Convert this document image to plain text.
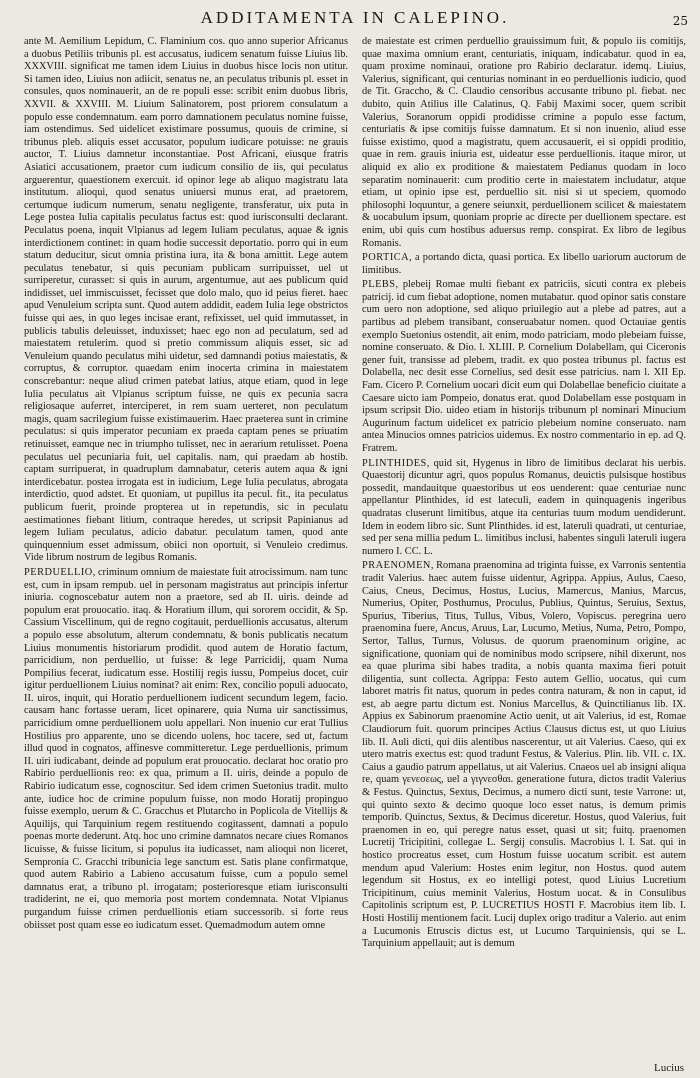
ADDITAMENTA IN CALEPINO.	25

ante M. Aemilium Lepidum, C. Flaminium cos. quo anno superior Africanus a duobus Petiliis tribunis pl. est accusatus, iudicem senatum fuisse Liuius lib. XXXVIII. significat me tamen idem Liuius in duobus hisce locis non utitur. Si tamen ideo, Liuius non adiicit, senatus ne, an peculatus tribunis pl. esset in consules, quos nominauerit, an de re populi esse: scribit enim duobus libris, XXVII. & XXVIII. M. Liuium Salinatorem, post priorem consulatum a populo esse condemnatum. eam porro damnationem peculatus nomine fuisse, iam ostendimus. Sed uidelicet existimare possumus, quouis de crimine, si tribunus pleb. aliquis esset accusator, populum iudicare potuisse: ne grauis auctor, T. Liuius damnetur inconstantiae. Post Africani, eiusque fratris Asiatici accusationem, praetor cum iudicum consilio de iis, qui peculatus arguerentur, quaestionem exercuit. id opinor lege ab aliquo magistratu lata institutum. alioqui, quod senatus uniuersi munus erat, ad praetorem, certumque iudicum numerum, senatu negligente, transferatur, uix puta in Lege postea Iulia capitalis peculatus factus est: quod iurisconsulti declarant. Peculatus poena, inquit Vlpianus ad legem Iuliam peculatus, aquae & ignis interdictionem continet: in quam hodie successit deportatio. porro qui in eum statum deducitur, sicut omnia pristina iura, ita & bona amittit. Lege autem peculatus tenebatur, si quis pecuniam publicam surripuisset, uel ut surriperetur, curasset: si quis in aurum, argentumue, aut aes publicum quid indidisset, uel immiscuisset, fecisset que dolo malo, quo id peius fieret. haec apud Venuleium scripta sunt. Quod autem addidit, eadem Iulia lege obstrictos fuisse qui aes, in quo leges incisae erant, refixisset, uel quid immutasset, in publicis tabulis deleuisset, induxisset; haec ego non ad peculatum, sed ad maiestatem retulerim. quod si pretio commissum aliquis esset, sic ad Venuleium quando peculatus mihi uidetur, sed damnandi potius maiestatis, & corruptus, & corruptor. quaedam enim inocerta crimina in maiestatem conscrebantur: neque aliud crimen patebat latius, atque etiam, quod in lege Iulia peculatus ait Vlpianus scriptum fuisse, ne quis ex pecunia sacra religiosaque auferret, interciperet, in rem suam uerteret, non peculatum magis, quam sacrilegium fuisse existimauerim. Haec praeterea sunt in crimine peculatus: si quis imperator pecuniam ex praeda captam penes se priuatim retinuisset, eamque nec in triumpho tulisset, nec in aerarium retulisset. Poena peculatus uel pecuniaria fuit, uel capitalis. nam, qui praedam ab hostib. captam surripuerat, in quadruplum damnabatur, ceteris autem aqua & igni interdicebatur. postea irrogata est in iudicium, Lege Iulia peculatus, abrogata interdictio, quod adstet. Et quoniam, ut pupillus ita pecul. fit., ita peculatus publicum fuerit, proinde propterea ut in repetundis, sic in peculatu aestimationes fiebant litium, contraque heredes, ut scripsit Papinianus ad legem Iuliam peculatus, adicio dabatur. peculatum tamen, quod ante quinquennium esset admissum, obiici non oportuit, si Venuleio credimus. Vide librum nostrum de legibus Romanis.

PERDUELLIO, criminum omnium de maiestate fuit atrocissimum. nam tunc est, cum in ipsam rempub. uel in personam magistratus aut principis infertur iniuria. cognoscebatur autem non a praetore, sed ab II. uiris. deinde ad populum erat prouocatio. itaq. & Horatium illum, qui sororem occidit, & Sp. Cassium Viscellinum, qui de regno cogitauit, perduellionis accusatus, alterum a populo esse absolutum, alterum condemnatu, & bonis publicatis necatum Liuius monumentis historiarum prodidit. quod autem de Horatio factum, parricidium, non perduellio, ut fuisse: & lege Parricidij, quam Numa Pompilius fecerat, iudicatum esse. Hostilij regis iussu, Pompeius docet, cuir igitur perduellionem Liuius nominat? ait enim: Rex, concilio populi aduocato, II. uiros, inquit, qui Horatio perduellionem iudicent secundum legem, facio. causam hanc fortasse ueram, licet opinarere, quia Numa uir sanctissimus, parricidium omne perduellionem uolu appellari. Non inuenio cur erat Tullius Hostilius pro apparente, uno se dicendo uolens, hoc tacere, sed ut, factum illud quod in cognatos, affinesve committeretur. Lege perduellionis, primum II. uiri iudicabant, deinde ad populum erat prouocatio. declarat hoc oratio pro Rabirio perduellionis reo: ex qua, primum a II. uiris, deinde a populo de Rabirio iudicatum esse, cognoscitur. Sed idem crimen Suetonius tradit. multo ante, iudice hoc de crimine populum fuisse, non modo Horatij propinguo fuisse exemplo, uerum & C. Gracchus et Plutarcho in Poplicola de Vitellijs & Aquilijs, qui Tarquinium regem restituendo cogitassent, damnati a populo poenas morte dederunt. Atq. hoc uno crimine damnatos necare ciues Romanos licuisse, & fuisse licitum, si populus ita iudicasset, nam alioqui non liceret, Sempronia C. Gracchi tribunicia lege sanctum est. Satis plane confirmatque, quod autem Rabirio a Labieno accusatum fuisse, cum a populo semel damnatus erat, a tribuno pl. irrogatam; posterioresque etiam iurisconsulti tradiderint, ne ei, quo memoria post mortem condemnata. Notat Vlpianus purgandum fuisse crimen perduellionis etiam successorib. si forte reus obiisset post quam esse eo iudicatum esset. Quemadmodum autem omne

de maiestate est crimen perduellio grauissimum fuit, & populo iis comitijs, quae maxima omnium erant, centuriatis, iniquam, indicabatur. quod in ea, quam proxime nominaui, oratione pro Rabirio declaratur. idemq. Liuius, Valerius, significant, qui centurias nominant in eo perduellionis iudicio, quod de Tit. Graccho, & C. Claudio censoribus accusante tribuno pl. fiebat. nec dubito, quin Atilius ille Calatinus, Q. Fabij Maximi socer, quem scribit Valerius, Soranorum oppidi prodidisse crimine a populo esse factum, centuriatis & ipse comitijs fuisse damnatum. Et si non inuenio, aliud esse fuisse existimo, quod a magistratu, quem accusauerit, ei si oppidi proditio, quae in rem. grauis iniuria est, uideatur esse perduellionis. itaque miror, ut aliquid ex alio ex proditione & maiestatem Pedianus quodam in loco separatim nominauerit: cum proditio certe in maiestatem includatur, atque etiam, ut opinio ipse est, perduellio sit. nisi si ut speciem, quomodo philosophi loquuntur, a genere seiunxit, perduellionem scilicet & maiestatem & uocabulum ipsum, quoniam proprie ac directe per duellionem spectare. est enim, ubi quis cum hostibus aduersus remp. conspirat. Ex libro de legibus Romanis.

PORTICA, a portando dicta, quasi portica. Ex libello uariorum auctorum de limitibus.

PLEBS, plebeij Romae multi fiebant ex patriciis, sicuti contra ex plebeis patricij. id cum fiebat adoptione, nomen mutabatur. quod opinor satis constare cum uero non adoptione, sed aliquo priuilegio aut a plebe ad patres, aut a partibus ad plebem transibant, conseruabatur nomen. quod Octauiae gentis exemplo Suetonius ostendit, ait enim, modo patriciam, modo plebeiam fuisse, nomine conseruato. & Dio. l. XLIII. P. Cornelium Dolabellam, qui Ciceronis gener fuit, transisse ad plebem, tradit. ex quo postea tribunus pl. factus est Dolabella, nec desit esse Cornelius, sed desit esse patricius. nam l. XII Ep. Fam. Cicero P. Cornelium uocari dicit eum qui Dolabellae beneficio ciuitate a Caesare uicto iam Pompeio, donatus erat. quod Dolabellam esse postquam in ipsum scripsit Dio. uideo etiam in historijs tribunum pl nominari Minucium Augurinum factum uidelicet ex patricio plebeium nomine conseruato. nam antea Minucios omnes patricios uidemus. Ex nostro commentario in ep. ad Q. Fratrem.

PLINTHIDES, quid sit, Hygenus in libro de limitibus declarat his uerbis. Quaestorij dicuntur agri, quos populus Romanus, deuictis pulsisque hostibus possedit, mandauitque quaestoribus ut eos uenderent: quae centuriae nunc appellantur Plinthides, id est lateculi, eadem in quinquagenis ingeribus quadratas cluserunt limitibus, atque ita centurias tuum modum uendiderunt. Idem in eodem libro sic. Sunt Plinthides. id est, lateruli quadrati, ut centuriae, sed per sena millia pedum L. limitibus inclusi, habentes singuli lateruli iugera numero I. CC. L.

PRAENOMEN, Romana praenomina ad triginta fuisse, ex Varronis sententia tradit Valerius. haec autem fuisse uidentur, Agrippa. Appius, Aulus, Caeso, Caius, Cneus, Decimus, Hostus, Lucius, Mamercus, Manius, Marcus, Numerius, Opiter, Posthumus, Proculus, Publius, Quintus, Seruius, Sextus, Spurius, Tiberius, Titus, Tullus, Vibus, Volero, Vopiscus. peregrina uero praenomina fuere, Ancus, Aruus, Lar, Lucumo, Metius, Numa, Petro, Pompo, Sertor, Tallus, Turnus, Volusus. de quorum praenominum origine, ac significatione, quoniam qui de nominibus modo scripsere, nihil dixerunt, nos ea quae plurima sibi habes tradita, a nobis quanta maxima fieri potuit diligentia, sunt collecta. Agrippa: Festo autem Gellio, uocatus, qui cum laboret matris fit natus, quorum in pedes contra naturam, & non in caput, id est, ab aegre partu dictum est. Nonius Marcellus, & Quinctilianus lib. IX. Appius ex Sabinorum praenomine Actio uenit, ut ait Valerius, id est, Romae Claudiorum fuit. quorum principes Actius Clausus dictus est, ut quo Liuius lib. II. Auli dicti, qui diis alentibus nascerentur, ut ait Valerius. Caeso, qui ex utero matris exectus est: quod tradunt Festus, & Valerius. Plin. lib. VII. c. IX. Caius a gaudio patrum appellatus, ut ait Valerius. Cnaeos uel ab insigni aliqua re, quam γενεσεως, uel a γιγνεσθαι. generatione futura, dictos tradit Valerius & Festus. Quinctus, Sextus, Decimus, a numero dicti sunt, teste Varrone: ut, qui quinto sexto & decimo quoque loco esset natus, is demum primis temporib. Quinctus, Sextus, & Decimus diceretur. Hostus, quod Valerius, fuit praenomen in eo, qui peregre natus esset, quasi ut sit; fuitq. praenomen Lucretij Tricipitini, collegae L. Sergij consulis. Macrobius l. I. Sat. qui in hostico procreatus esset, cum Hostum fuisse uocatum scribit. est autem mendum apud Valerium: Hostes enim legitur, non Hostus. quod autem legendum sit Hostus, ex eo intelligi potest, quod Liuius Lucretium Tricipitinum, cuius meminit Valerius, Hostum uocat. & in Consulibus Capitolinis scriptum est, P. LUCRETIUS HOSTI F. Macrobius item lib. I. Hosti Hostilij mentionem facit. Lucij duplex origo traditur a Valerio. aut enim a Lucumonis Etruscis dictus est, ut Lucumo Tarquiniensis, qui se L. Tarquinium appellauit; aut is demum

Lucius
